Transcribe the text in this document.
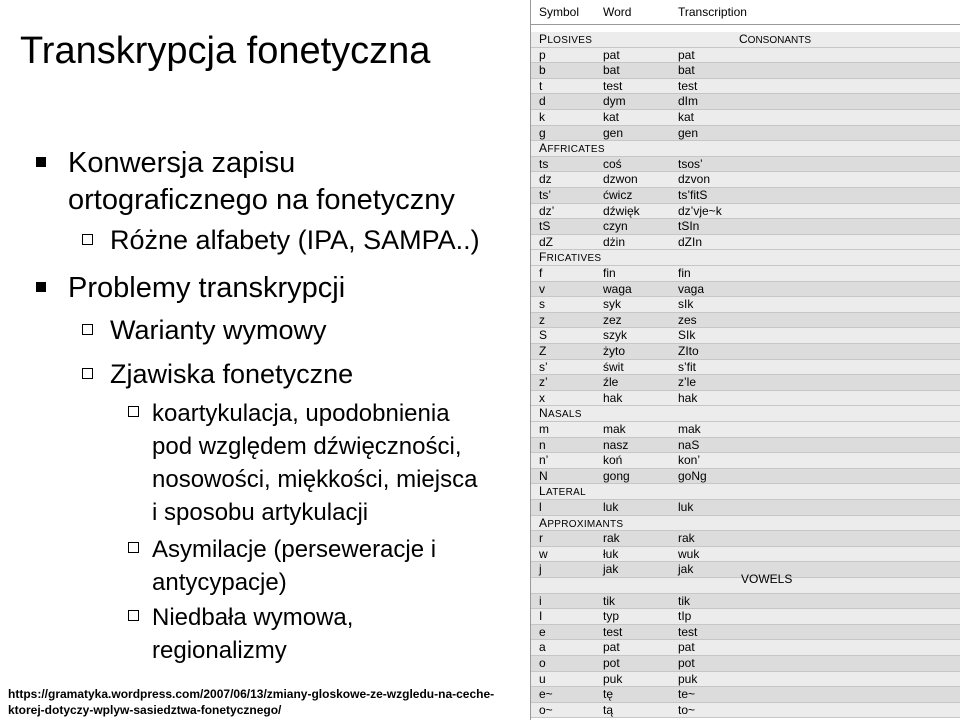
Transkrypcja fonetyczna
Konwersja zapisu
ortograficznego na fonetyczny
Różne alfabety (IPA, SAMPA..)
Problemy transkrypcji
Warianty wymowy
Zjawiska fonetyczne
koartykulacja, upodobnienia
pod względem dźwięczności,
nosowości, miękkości, miejsca
i sposobu artykulacji
Asymilacje (perseweracje i
antycypacje)
Niedbała wymowa,
regionalizmy
https://gramatyka.wordpress.com/2007/06/13/zmiany-gloskowe-ze-wzgledu-na-ceche-
ktorej-dotyczy-wplyw-sasiedztwa-fonetycznego/
Symbol Word	Transcription
PLOSIVES	CONSONANTS
p	pat	pat
b	bat	bat
t	test	test
d	dym	dIm
k	kat	kat
g	gen	gen
AFFRICATES
ts	coś	tsos’
dz	dzwon	dzvon
ts’	ćwicz	ts’fitS
dz’	dźwięk	dz’vje~k
tS	czyn	tSIn
dZ	dżin	dZIn
FRICATIVES
f	fin	fin
v	waga	vaga
s	syk	sIk
z	zez	zes
S	szyk	SIk
Z	żyto	ZIto
s’	świt	s’fit
z’	źle	z’le
x	hak	hak
NASALS
m	mak	mak
n	nasz	naS
n’	koń	kon’
N	gong	goNg
LATERAL
l	luk	luk
APPROXIMANTS
r	rak	rak
w	łuk	wuk
j	jak	jak
VOWELS
i	tik	tik
I	typ	tIp
e	test	test
a	pat	pat
o	pot	pot
u	puk	puk
e~	tę	te~
o~	tą	to~
